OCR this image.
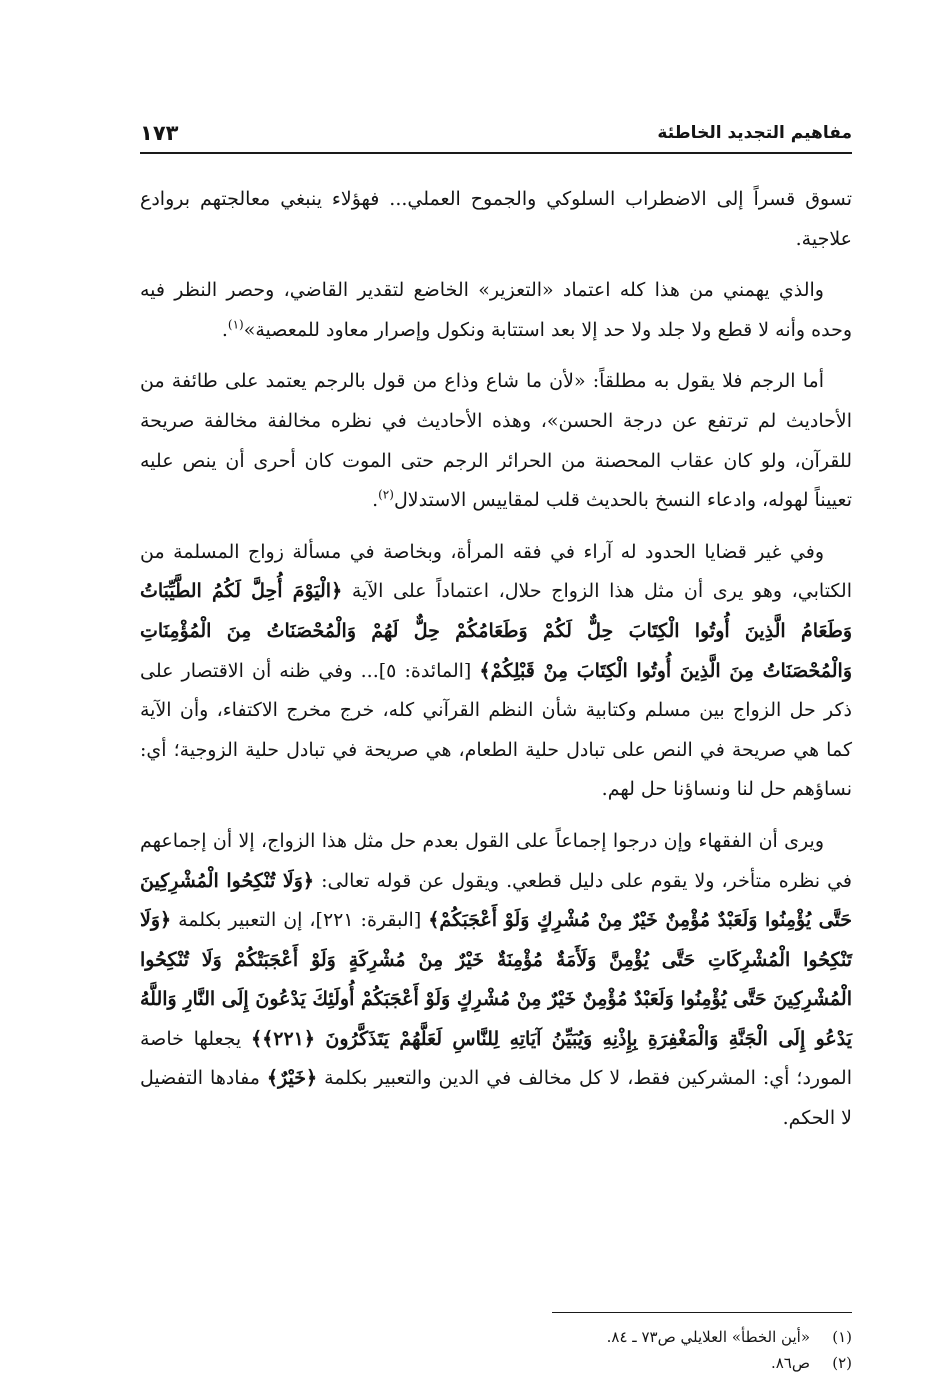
مفاهيم التجديد الخاطئة
١٧٣

تسوق قسراً إلى الاضطراب السلوكي والجموح العملي... فهؤلاء ينبغي معالجتهم بروادع علاجية.

والذي يهمني من هذا كله اعتماد «التعزير» الخاضع لتقدير القاضي، وحصر النظر فيه وحده وأنه لا قطع ولا جلد ولا حد إلا بعد استتابة ونكول وإصرار معاود للمعصية»$^{(١)}$.

أما الرجم فلا يقول به مطلقاً: «لأن ما شاع وذاع من قول بالرجم يعتمد على طائفة من الأحاديث لم ترتفع عن درجة الحسن»، وهذه الأحاديث في نظره مخالفة مخالفة صريحة للقرآن، ولو كان عقاب المحصنة من الحرائر الرجم حتى الموت كان أحرى أن ينص عليه تعييناً لهوله، وادعاء النسخ بالحديث قلب لمقاييس الاستدلال$^{(٢)}$.

وفي غير قضايا الحدود له آراء في فقه المرأة، وبخاصة في مسألة زواج المسلمة من الكتابي، وهو يرى أن مثل هذا الزواج حلال، اعتماداً على الآية ﴿الْيَوْمَ أُحِلَّ لَكُمُ الطَّيِّبَاتُ وَطَعَامُ الَّذِينَ أُوتُوا الْكِتَابَ حِلٌّ لَكُمْ وَطَعَامُكُمْ حِلٌّ لَهُمْ وَالْمُحْصَنَاتُ مِنَ الْمُؤْمِنَاتِ وَالْمُحْصَنَاتُ مِنَ الَّذِينَ أُوتُوا الْكِتَابَ مِنْ قَبْلِكُمْ﴾ [المائدة: ٥]... وفي ظنه أن الاقتصار على ذكر حل الزواج بين مسلم وكتابية شأن النظم القرآني كله، خرج مخرج الاكتفاء، وأن الآية كما هي صريحة في النص على تبادل حلية الطعام، هي صريحة في تبادل حلية الزوجية؛ أي: نساؤهم حل لنا ونساؤنا حل لهم.

ويرى أن الفقهاء وإن درجوا إجماعاً على القول بعدم حل مثل هذا الزواج، إلا أن إجماعهم في نظره متأخر، ولا يقوم على دليل قطعي. ويقول عن قوله تعالى: ﴿وَلَا تُنْكِحُوا الْمُشْرِكِينَ حَتَّى يُؤْمِنُوا وَلَعَبْدٌ مُؤْمِنٌ خَيْرٌ مِنْ مُشْرِكٍ وَلَوْ أَعْجَبَكُمْ﴾ [البقرة: ٢٢١]، إن التعبير بكلمة ﴿وَلَا تَنْكِحُوا الْمُشْرِكَاتِ حَتَّى يُؤْمِنَّ وَلَأَمَةٌ مُؤْمِنَةٌ خَيْرٌ مِنْ مُشْرِكَةٍ وَلَوْ أَعْجَبَتْكُمْ وَلَا تُنْكِحُوا الْمُشْرِكِينَ حَتَّى يُؤْمِنُوا وَلَعَبْدٌ مُؤْمِنٌ خَيْرٌ مِنْ مُشْرِكٍ وَلَوْ أَعْجَبَكُمْ أُولَئِكَ يَدْعُونَ إِلَى النَّارِ وَاللَّهُ يَدْعُو إِلَى الْجَنَّةِ وَالْمَغْفِرَةِ بِإِذْنِهِ وَيُبَيِّنُ آيَاتِهِ لِلنَّاسِ لَعَلَّهُمْ يَتَذَكَّرُونَ ﴿٢٢١﴾﴾ يجعلها خاصة المورد؛ أي: المشركين فقط، لا كل مخالف في الدين والتعبير بكلمة ﴿خَيْرٌ﴾ مفادها التفضيل لا الحكم.

(١)
«أين الخطأ» العلايلي ص٧٣ ـ ٨٤.
(٢)
ص٨٦.
